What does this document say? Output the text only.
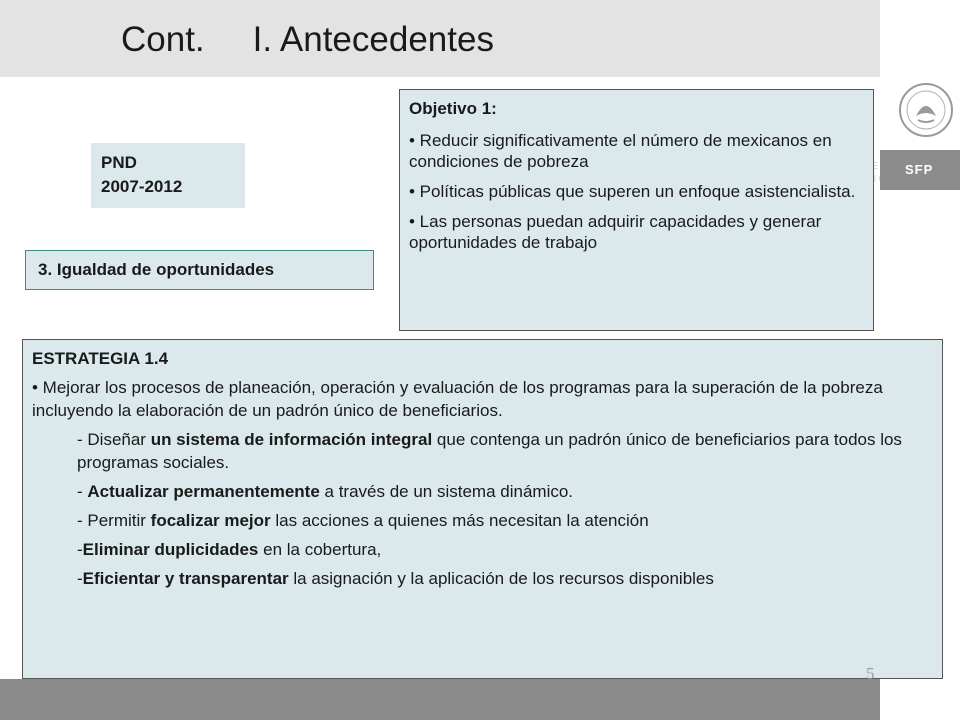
Cont. I. Antecedentes
SFP
PND
2007-2012
3. Igualdad de oportunidades

Objetivo 1:

• Reducir significativamente el número de mexicanos en condiciones de pobreza

• Políticas públicas que superen un enfoque asistencialista.

• Las personas puedan adquirir capacidades y generar oportunidades de trabajo

ESTRATEGIA 1.4

• Mejorar los procesos de planeación, operación y evaluación de los programas para la superación de la pobreza incluyendo la elaboración de un padrón único de beneficiarios.

- Diseñar un sistema de información integral que contenga un padrón único de beneficiarios para todos los programas sociales.

- Actualizar permanentemente a través de un sistema dinámico.

- Permitir focalizar mejor las acciones a quienes más necesitan la atención

-Eliminar duplicidades en la cobertura,

-Eficientar y transparentar la asignación y la aplicación de los recursos disponibles

5
